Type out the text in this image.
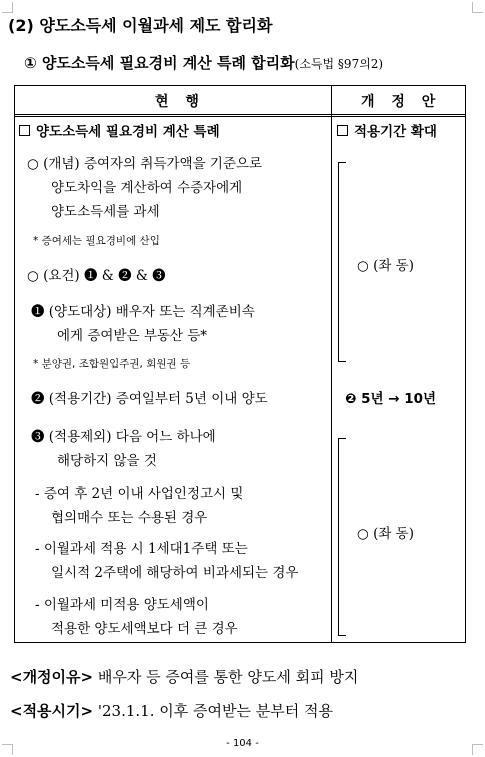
(2) 양도소득세 이월과세 제도 합리화
① 양도소득세 필요경비 계산 특례 합리화(소득법 §97의2)
현 행	개 정 안
양도소득세 필요경비 계산 특례
○ (개념) 증여자의 취득가액을 기준으로
양도차익을 계산하여 수증자에게
양도소득세를 과세
* 증여세는 필요경비에 산입
○ (요건) ❶ & ❷ & ❸
❶ (양도대상) 배우자 또는 직계존비속
에게 증여받은 부동산 등*
* 분양권, 조합원입주권, 회원권 등
❷ (적용기간) 증여일부터 5년 이내 양도
❸ (적용제외) 다음 어느 하나에
해당하지 않을 것
- 증여 후 2년 이내 사업인정고시 및
협의매수 또는 수용된 경우
- 이월과세 적용 시 1세대1주택 또는
일시적 2주택에 해당하여 비과세되는 경우
- 이월과세 미적용 양도세액이
적용한 양도세액보다 더 큰 경우
적용기간 확대
○ (좌 동)
❷ 5년 → 10년
○ (좌 동)
<개정이유> 배우자 등 증여를 통한 양도세 회피 방지
<적용시기> '23.1.1. 이후 증여받는 분부터 적용
- 104 -
